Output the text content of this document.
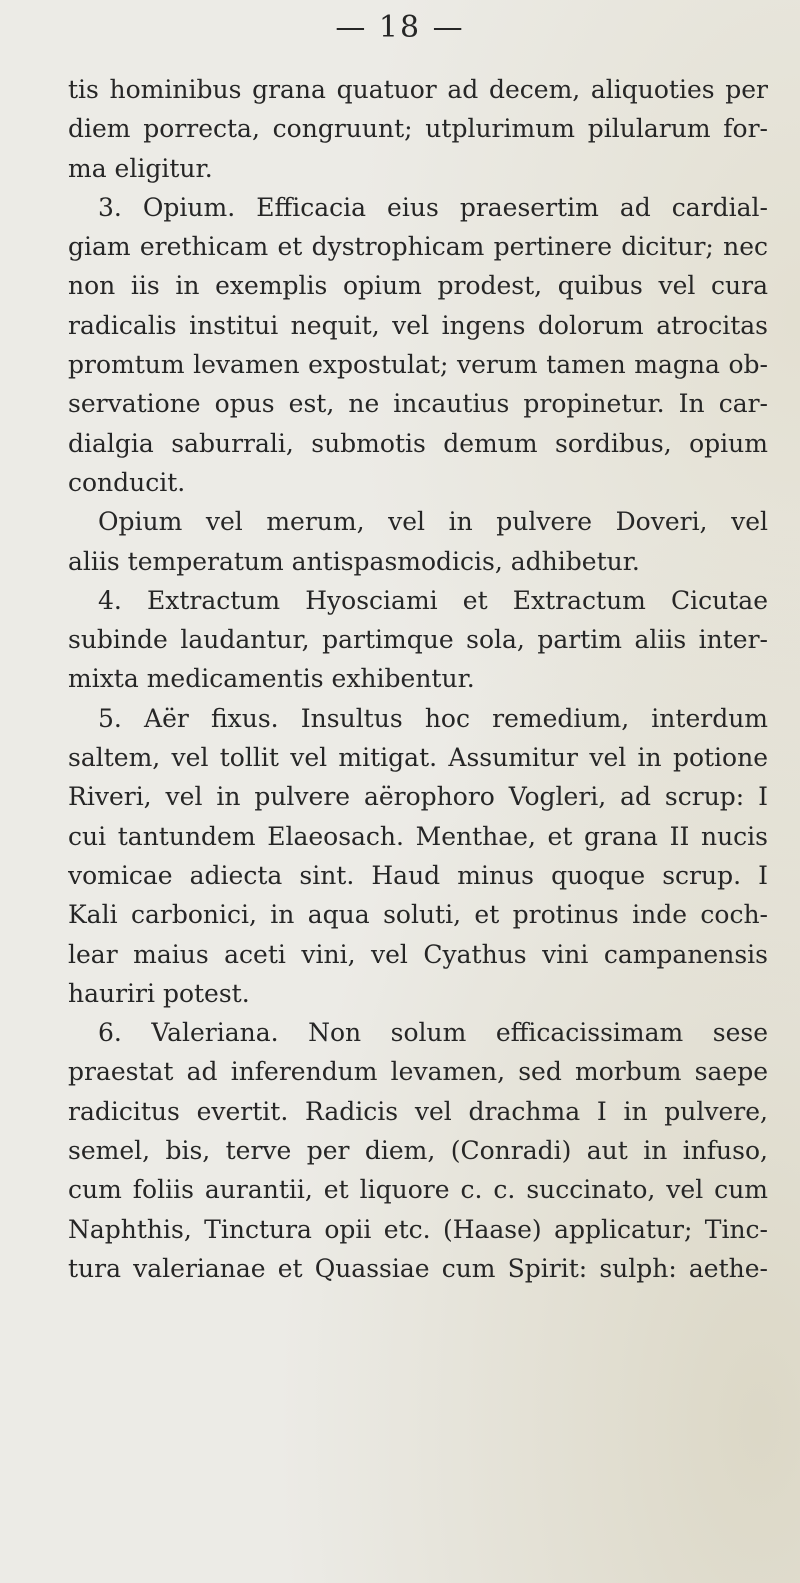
— 18 —
tis hominibus grana quatuor ad decem, aliquoties per
diem porrecta, congruunt; utplurimum pilularum for-
ma eligitur.
3. Opium. Efficacia eius praesertim ad cardial-
giam erethicam et dystrophicam pertinere dicitur; nec
non iis in exemplis opium prodest, quibus vel cura
radicalis institui nequit, vel ingens dolorum atrocitas
promtum levamen expostulat; verum tamen magna ob-
servatione opus est, ne incautius propinetur. In car-
dialgia saburrali, submotis demum sordibus, opium
conducit.
Opium vel merum, vel in pulvere Doveri, vel
aliis temperatum antispasmodicis, adhibetur.
4. Extractum Hyosciami et Extractum Cicutae
subinde laudantur, partimque sola, partim aliis inter-
mixta medicamentis exhibentur.
5. Aër fixus. Insultus hoc remedium, interdum
saltem, vel tollit vel mitigat. Assumitur vel in potione
Riveri, vel in pulvere aërophoro Vogleri, ad scrup: I
cui tantundem Elaeosach. Menthae, et grana II nucis
vomicae adiecta sint. Haud minus quoque scrup. I
Kali carbonici, in aqua soluti, et protinus inde coch-
lear maius aceti vini, vel Cyathus vini campanensis
hauriri potest.
6. Valeriana. Non solum efficacissimam sese
praestat ad inferendum levamen, sed morbum saepe
radicitus evertit. Radicis vel drachma I in pulvere,
semel, bis, terve per diem, (Conradi) aut in infuso,
cum foliis aurantii, et liquore c. c. succinato, vel cum
Naphthis, Tinctura opii etc. (Haase) applicatur; Tinc-
tura valerianae et Quassiae cum Spirit: sulph: aethe-
